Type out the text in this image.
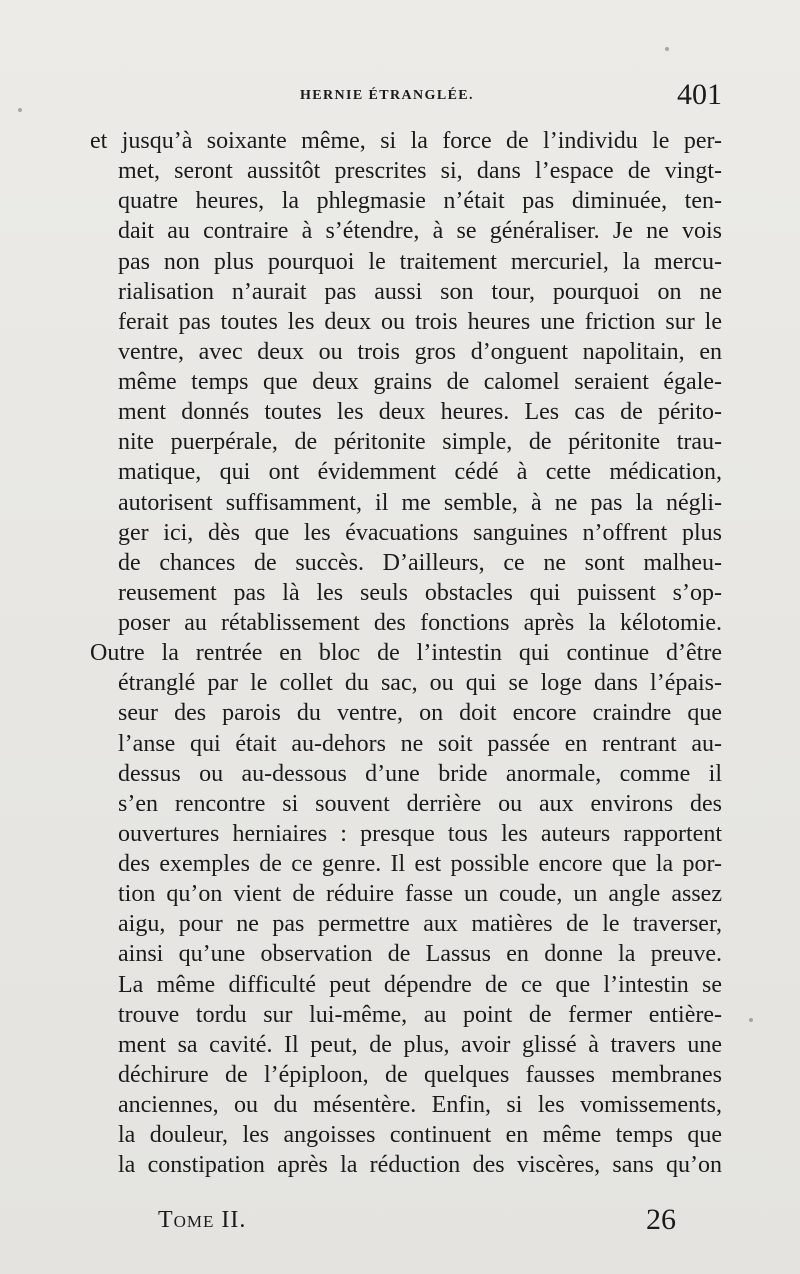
HERNIE ÉTRANGLÉE.	401
et jusqu’à soixante même, si la force de l’individu le per-
met, seront aussitôt prescrites si, dans l’espace de vingt-
quatre heures, la phlegmasie n’était pas diminuée, ten-
dait au contraire à s’étendre, à se généraliser. Je ne vois
pas non plus pourquoi le traitement mercuriel, la mercu-
rialisation n’aurait pas aussi son tour, pourquoi on ne
ferait pas toutes les deux ou trois heures une friction sur le
ventre, avec deux ou trois gros d’onguent napolitain, en
même temps que deux grains de calomel seraient égale-
ment donnés toutes les deux heures. Les cas de périto-
nite puerpérale, de péritonite simple, de péritonite trau-
matique, qui ont évidemment cédé à cette médication,
autorisent suffisamment, il me semble, à ne pas la négli-
ger ici, dès que les évacuations sanguines n’offrent plus
de chances de succès. D’ailleurs, ce ne sont malheu-
reusement pas là les seuls obstacles qui puissent s’op-
poser au rétablissement des fonctions après la kélotomie.
Outre la rentrée en bloc de l’intestin qui continue d’être
étranglé par le collet du sac, ou qui se loge dans l’épais-
seur des parois du ventre, on doit encore craindre que
l’anse qui était au-dehors ne soit passée en rentrant au-
dessus ou au-dessous d’une bride anormale, comme il
s’en rencontre si souvent derrière ou aux environs des
ouvertures herniaires : presque tous les auteurs rapportent
des exemples de ce genre. Il est possible encore que la por-
tion qu’on vient de réduire fasse un coude, un angle assez
aigu, pour ne pas permettre aux matières de le traverser,
ainsi qu’une observation de Lassus en donne la preuve.
La même difficulté peut dépendre de ce que l’intestin se
trouve tordu sur lui-même, au point de fermer entière-
ment sa cavité. Il peut, de plus, avoir glissé à travers une
déchirure de l’épiploon, de quelques fausses membranes
anciennes, ou du mésentère. Enfin, si les vomissements,
la douleur, les angoisses continuent en même temps que
la constipation après la réduction des viscères, sans qu’on
Tome II.	26
